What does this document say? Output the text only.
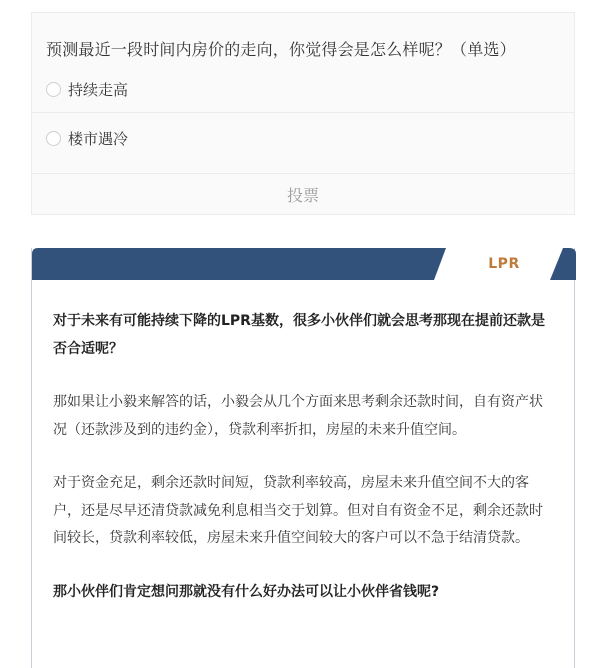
预测最近一段时间内房价的走向，你觉得会是怎么样呢？（单选）
持续走高
楼市遇冷
投票
LPR

对于未来有可能持续下降的LPR基数，很多小伙伴们就会思考那现在提前还款是否合适呢？

那如果让小毅来解答的话，小毅会从几个方面来思考剩余还款时间，自有资产状况（还款涉及到的违约金），贷款利率折扣，房屋的未来升值空间。

对于资金充足，剩余还款时间短，贷款利率较高，房屋未来升值空间不大的客户，还是尽早还清贷款减免利息相当交于划算。但对自有资金不足，剩余还款时间较长，贷款利率较低，房屋未来升值空间较大的客户可以不急于结清贷款。

那小伙伴们肯定想问那就没有什么好办法可以让小伙伴省钱呢?
